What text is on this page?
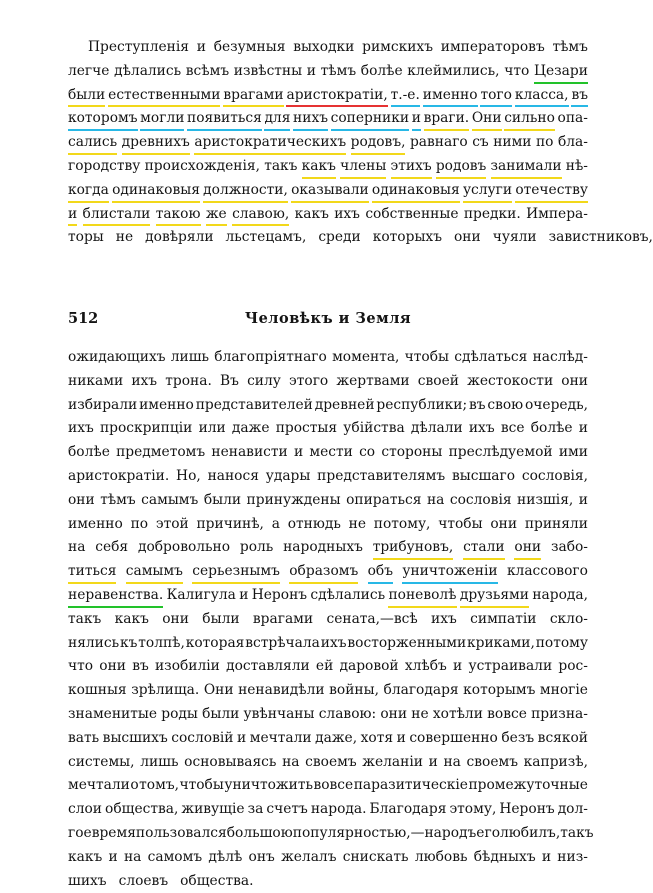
Преступленія и безумныя выходки римскихъ императоровъ тѣмъ
легче дѣлались всѣмъ извѣстны и тѣмъ болѣе клеймились, что Цезари
были естественными врагами аристократіи, т.-е. именно того класса, въ
которомъ могли появиться для нихъ соперники и враги. Они сильно опа-
сались древнихъ аристократическихъ родовъ, равнаго съ ними по бла-
городству происхожденія, такъ какъ члены этихъ родовъ занимали нѣ-
когда одинаковыя должности, оказывали одинаковыя услуги отечеству
и блистали такою же славою, какъ ихъ собственные предки. Импера-
торы не довѣряли льстецамъ, среди которыхъ они чуяли завистниковъ,
512	Человѣкъ и Земля
ожидающихъ лишь благопріятнаго момента, чтобы сдѣлаться наслѣд-
никами ихъ трона. Въ силу этого жертвами своей жестокости они
избирали именно представителей древней республики; въ свою очередь,
ихъ проскрипціи или даже простыя убійства дѣлали ихъ все болѣе и
болѣе предметомъ ненависти и мести со стороны преслѣдуемой ими
аристократіи. Но, нанося удары представителямъ высшаго сословія,
они тѣмъ самымъ были принуждены опираться на сословія низшія, и
именно по этой причинѣ, а отнюдь не потому, чтобы они приняли
на себя добровольно роль народныхъ трибуновъ, стали они забо-
титься самымъ серьезнымъ образомъ объ уничтоженіи классового
неравенства. Калигула и Неронъ сдѣлались поневолѣ друзьями народа,
такъ какъ они были врагами сената,—всѣ ихъ симпатіи скло-
нялись къ толпѣ, которая встрѣчала ихъ восторженными криками, потому
что они въ изобиліи доставляли ей даровой хлѣбъ и устраивали рос-
кошныя зрѣлища. Они ненавидѣли войны, благодаря которымъ многіе
знаменитые роды были увѣнчаны славою: они не хотѣли вовсе призна-
вать высшихъ сословій и мечтали даже, хотя и совершенно безъ всякой
системы, лишь основываясь на своемъ желаніи и на своемъ капризѣ,
мечтали о томъ, чтобы уничтожить вовсе паразитическіе промежуточные
слои общества, живущіе за счетъ народа. Благодаря этому, Неронъ дол-
гое время пользовался большою популярностью,—народъ его любилъ, такъ
какъ и на самомъ дѣлѣ онъ желалъ снискать любовь бѣдныхъ и низ-
шихъ слоевъ общества.
